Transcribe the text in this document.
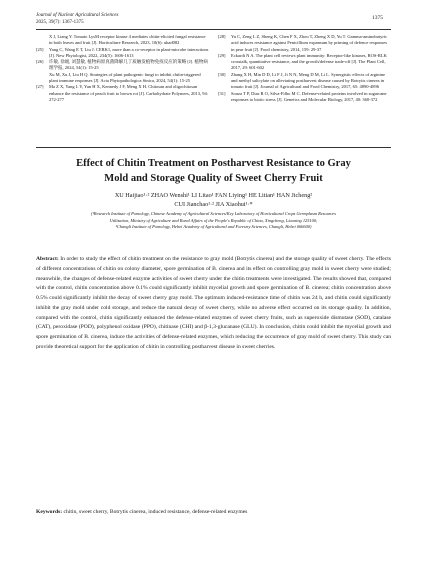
Journal of Nuclear Agricultural Sciences
2025, 39(7): 1367-1375
1375
X J, Liang Y. Tomato LysM receptor kinase 4 mediates chitin-elicited fungal resistance in both leaves and fruit [J]. Horticulture Research, 2023, 10(6): uhad082
[25]	Yang C, Wang E T, Liu J. CERK1, more than a co-receptor in plant-microbe interactions [J]. New Phytologist, 2022, 234(5): 1606-1613
[26]	许敏, 徐媛, 刘慧敏, 植物病原真菌降解几丁质触发植物免疫反应的策略 [J]. 植物病理学报, 2024, 54(1): 15-25
Xu M, Xu J, Liu H Q. Strategies of plant pathogenic fungi to inhibit chitin-triggered plant immune responses [J]. Acta Phytopathologica Sinica, 2024, 54(1): 15-25
[27]	Ma Z X, Yang L Y, Yan H X, Kennedy J F, Meng X H. Chitosan and oligochitosan enhance the resistance of peach fruit to brown rot [J]. Carbohydrate Polymers, 2013, 94: 272-277
[28]	Yu C, Zeng L Z, Sheng K, Chen F X, Zhou T, Zheng X D, Yu T. Gamma-aminobutyric acid induces resistance against Penicillium expansum by priming of defence responses in pear fruit [J]. Food chemistry, 2014, 159: 29-37
[29]	Eckardt N A. The plant cell reviews plant immunity: Receptor-like kinases, ROS-RLK crosstalk, quantitative resistance, and the growth/defense trade-off [J]. The Plant Cell, 2017, 29: 601-602
[30]	Zhang X H, Min D D, Li F J, Ji N N, Meng D M, Li L. Synergistic effects of arginine and methyl salicylate on alleviating postharvest disease caused by Botrytis cinerea in tomato fruit [J]. Journal of Agricultural and Food Chemistry, 2017, 65: 4890-4896
[31]	Souza T P, Dias R O, Silva-Filho M C. Defense-related proteins involved in sugarcane responses to biotic stress [J]. Genetics and Molecular Biology, 2017, 40: 360-372
Effect of Chitin Treatment on Postharvest Resistance to Gray
Mold and Storage Quality of Sweet Cherry Fruit
XU Haijiao¹·² ZHAO Wenshi¹ LI Litao¹ FAN Liying¹ HE Litian¹ HAN Jicheng²
CUI Jianchao¹·² JIA Xiaohui¹·*
(¹Research Institute of Pomology, Chinese Academy of Agricultural Sciences/Key Laboratory of Horticultural Crops Germplasm Resources
Utilization, Ministry of Agriculture and Rural Affairs of the People's Republic of China, Xingcheng, Liaoning 125100;
²Changli Institute of Pomology, Hebei Academy of Agricultural and Forestry Sciences, Changli, Hebei 066600)
Abstract: In order to study the effect of chitin treatment on the resistance to gray mold (Botrytis cinerea) and the storage quality of sweet cherry. The effects of different concentrations of chitin on colony diameter, spore germination of B. cinerea and its effect on controlling gray mold in sweet cherry were studied; meanwhile, the changes of defense-related enzyme activities of sweet cherry under the chitin treatments were investigated. The results showed that, compared with the control, chitin concentration above 0.1% could significantly inhibit mycelial growth and spore germination of B. cinerea; chitin concentration above 0.5% could significantly inhibit the decay of sweet cherry gray mold. The optimum induced-resistance time of chitin was 24 h, and chitin could significantly inhibit the gray mold under cold storage, and reduce the natural decay of sweet cherry, while no adverse effect occurred on its storage quality. In addition, compared with the control, chitin significantly enhanced the defense-related enzymes of sweet cherry fruits, such as superoxide dismutase (SOD), catalase (CAT), peroxidase (POD), polyphenol oxidase (PPO), chitinase (CHI) and β-1,3-glucanase (GLU). In conclusion, chitin could inhibit the mycelial growth and spore germination of B. cinerea, induce the activities of defense-related enzymes, which reducing the occurrence of gray mold of sweet cherry. This study can provide theoretical support for the application of chitin in controlling postharvest disease in sweet cherries.
Keywords: chitin, sweet cherry, Botrytis cinerea, induced resistance, defense-related enzymes
